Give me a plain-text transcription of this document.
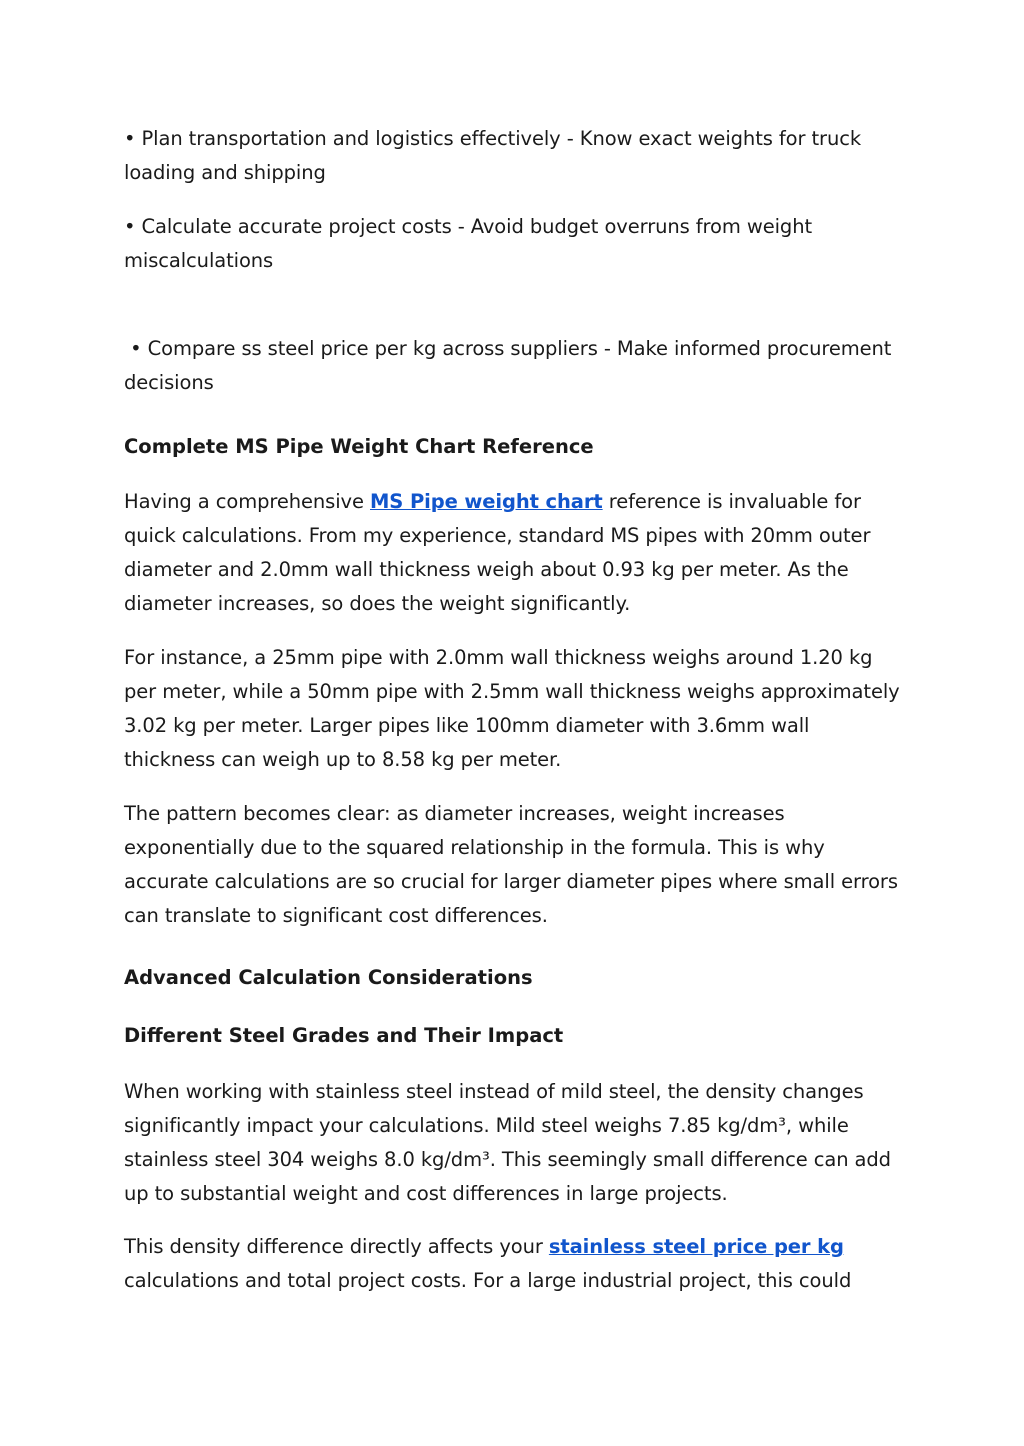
• Plan transportation and logistics effectively - Know exact weights for truck loading and shipping

• Calculate accurate project costs - Avoid budget overruns from weight miscalculations

• Compare ss steel price per kg across suppliers - Make informed procurement decisions

Complete MS Pipe Weight Chart Reference

Having a comprehensive MS Pipe weight chart reference is invaluable for quick calculations. From my experience, standard MS pipes with 20mm outer diameter and 2.0mm wall thickness weigh about 0.93 kg per meter. As the diameter increases, so does the weight significantly.

For instance, a 25mm pipe with 2.0mm wall thickness weighs around 1.20 kg per meter, while a 50mm pipe with 2.5mm wall thickness weighs approximately 3.02 kg per meter. Larger pipes like 100mm diameter with 3.6mm wall thickness can weigh up to 8.58 kg per meter.

The pattern becomes clear: as diameter increases, weight increases exponentially due to the squared relationship in the formula. This is why accurate calculations are so crucial for larger diameter pipes where small errors can translate to significant cost differences.

Advanced Calculation Considerations
Different Steel Grades and Their Impact

When working with stainless steel instead of mild steel, the density changes significantly impact your calculations. Mild steel weighs 7.85 kg/dm³, while stainless steel 304 weighs 8.0 kg/dm³. This seemingly small difference can add up to substantial weight and cost differences in large projects.

This density difference directly affects your stainless steel price per kg calculations and total project costs. For a large industrial project, this could
